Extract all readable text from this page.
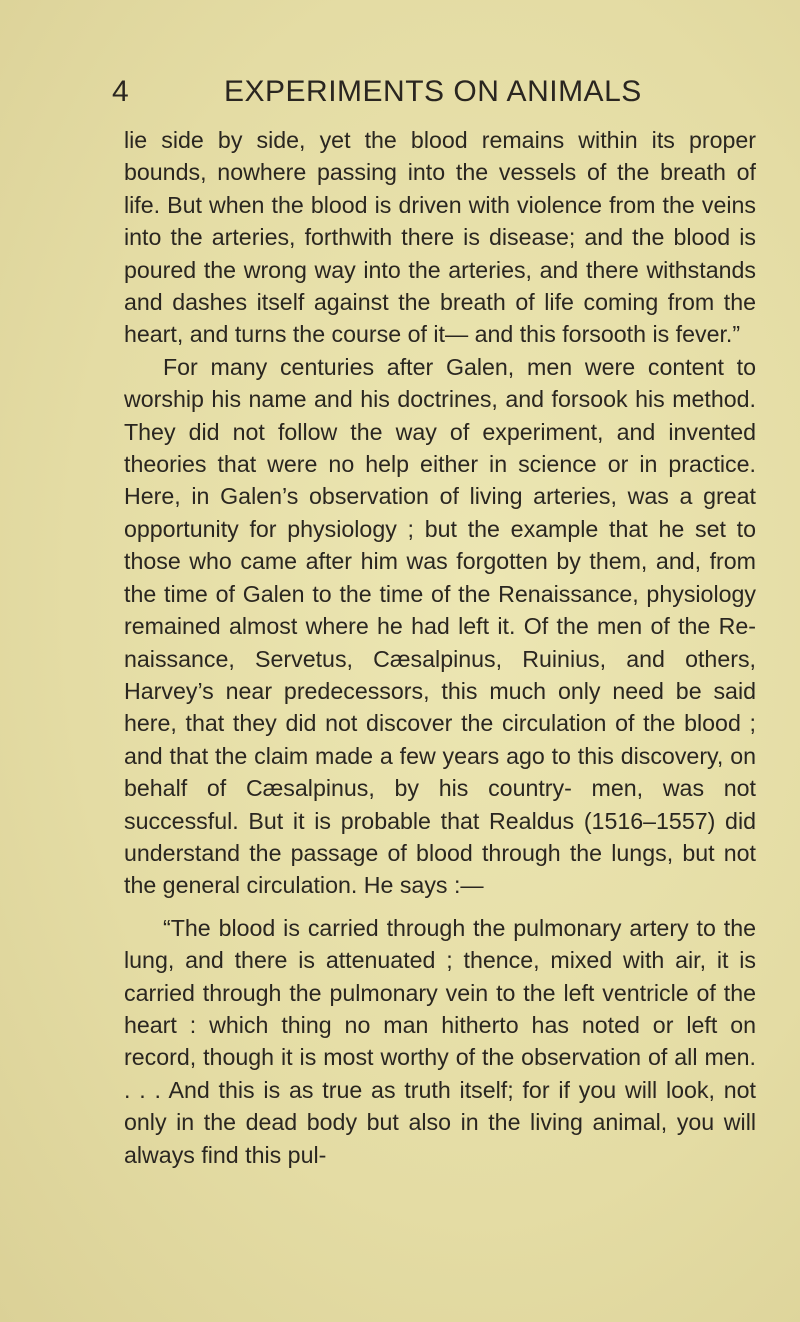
4	EXPERIMENTS ON ANIMALS

lie side by side, yet the blood remains within its proper bounds, nowhere passing into the vessels of the breath of life. But when the blood is driven with violence from the veins into the arteries, forthwith there is disease; and the blood is poured the wrong way into the arteries, and there withstands and dashes itself against the breath of life coming from the heart, and turns the course of it— and this forsooth is fever.”

For many centuries after Galen, men were content to worship his name and his doctrines, and forsook his method. They did not follow the way of experiment, and invented theories that were no help either in science or in practice. Here, in Galen’s observation of living arteries, was a great opportunity for physiology ; but the example that he set to those who came after him was forgotten by them, and, from the time of Galen to the time of the Renaissance, physiology remained almost where he had left it. Of the men of the Re- naissance, Servetus, Cæsalpinus, Ruinius, and others, Harvey’s near predecessors, this much only need be said here, that they did not discover the circulation of the blood ; and that the claim made a few years ago to this discovery, on behalf of Cæsalpinus, by his country- men, was not successful. But it is probable that Realdus (1516–1557) did understand the passage of blood through the lungs, but not the general circulation. He says :—

“The blood is carried through the pulmonary artery to the lung, and there is attenuated ; thence, mixed with air, it is carried through the pulmonary vein to the left ventricle of the heart : which thing no man hitherto has noted or left on record, though it is most worthy of the observation of all men. . . . And this is as true as truth itself; for if you will look, not only in the dead body but also in the living animal, you will always find this pul-
